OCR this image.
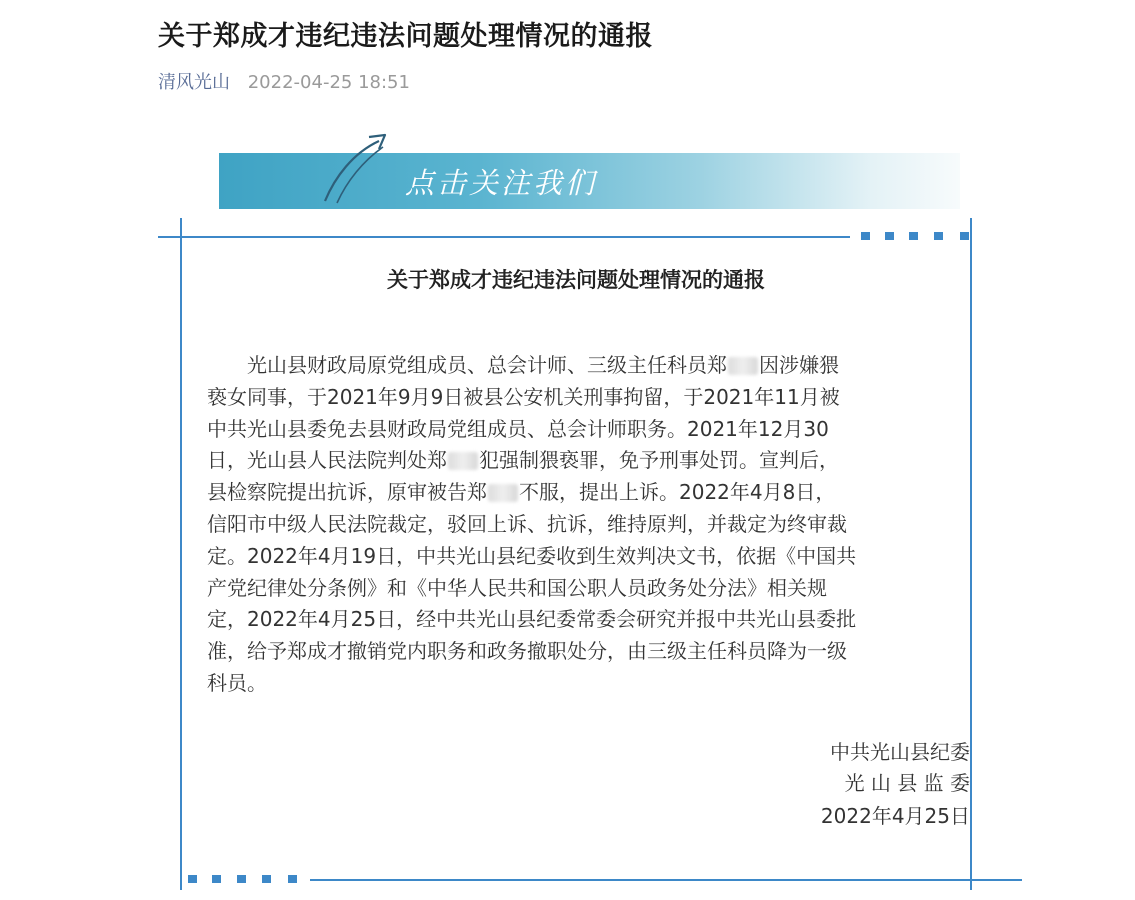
关于郑成才违纪违法问题处理情况的通报
清风光山 2022-04-25 18:51
点击关注我们
关于郑成才违纪违法问题处理情况的通报
光山县财政局原党组成员、总会计师、三级主任科员郑 因涉嫌猥
亵女同事，于2021年9月9日被县公安机关刑事拘留，于2021年11月被
中共光山县委免去县财政局党组成员、总会计师职务。2021年12月30
日，光山县人民法院判处郑 犯强制猥亵罪，免予刑事处罚。宣判后，
县检察院提出抗诉，原审被告郑 不服，提出上诉。2022年4月8日，
信阳市中级人民法院裁定，驳回上诉、抗诉，维持原判，并裁定为终审裁
定。2022年4月19日，中共光山县纪委收到生效判决文书，依据《中国共
产党纪律处分条例》和《中华人民共和国公职人员政务处分法》相关规
定，2022年4月25日，经中共光山县纪委常委会研究并报中共光山县委批
准，给予郑成才撤销党内职务和政务撤职处分，由三级主任科员降为一级
科员。
中共光山县纪委
光 山 县 监 委
2022年4月25日
